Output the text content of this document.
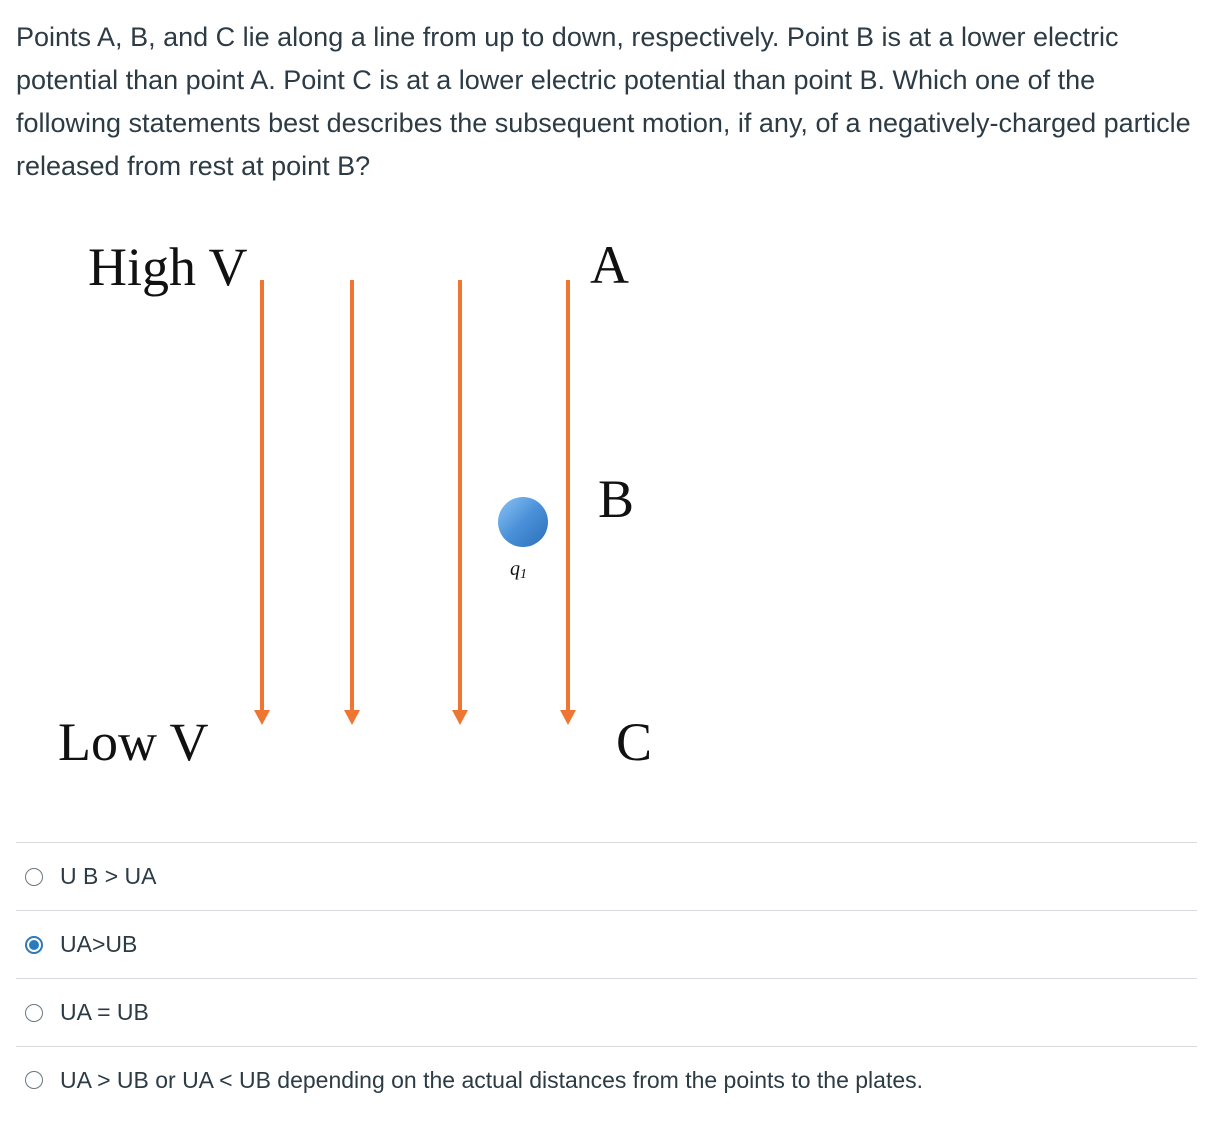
Points A, B, and C lie along a line from up to down, respectively. Point B is at a lower electric potential than point A. Point C is at a lower electric potential than point B. Which one of the following statements best describes the subsequent motion, if any, of a negatively-charged particle released from rest at point B?

High V
Low V
A
B
C
q1
U B > UA
UA>UB
UA = UB
UA > UB or UA < UB depending on the actual distances from the points to the plates.
